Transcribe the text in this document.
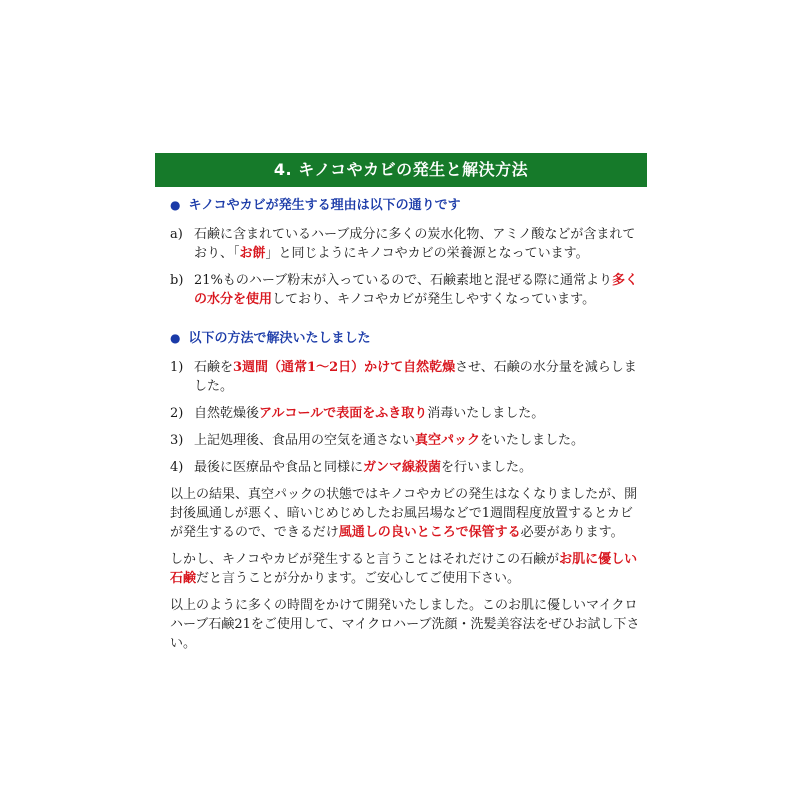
4. キノコやカビの発生と解決方法
● キノコやカビが発生する理由は以下の通りです
a) 石鹸に含まれているハーブ成分に多くの炭水化物、アミノ酸などが含まれており、「お餅」と同じようにキノコやカビの栄養源となっています。
b) 21%ものハーブ粉末が入っているので、石鹸素地と混ぜる際に通常より多くの水分を使用しており、キノコやカビが発生しやすくなっています。
● 以下の方法で解決いたしました
1) 石鹸を3週間（通常1～2日）かけて自然乾燥させ、石鹸の水分量を減らしました。
2) 自然乾燥後アルコールで表面をふき取り消毒いたしました。
3) 上記処理後、食品用の空気を通さない真空パックをいたしました。
4) 最後に医療品や食品と同様にガンマ線殺菌を行いました。
以上の結果、真空パックの状態ではキノコやカビの発生はなくなりましたが、開封後風通しが悪く、暗いじめじめしたお風呂場などで1週間程度放置するとカビが発生するので、できるだけ風通しの良いところで保管する必要があります。
しかし、キノコやカビが発生すると言うことはそれだけこの石鹸がお肌に優しい石鹸だと言うことが分かります。ご安心してご使用下さい。
以上のように多くの時間をかけて開発いたしました。このお肌に優しいマイクロハーブ石鹸21をご使用して、マイクロハーブ洗顔・洗髪美容法をぜひお試し下さい。
